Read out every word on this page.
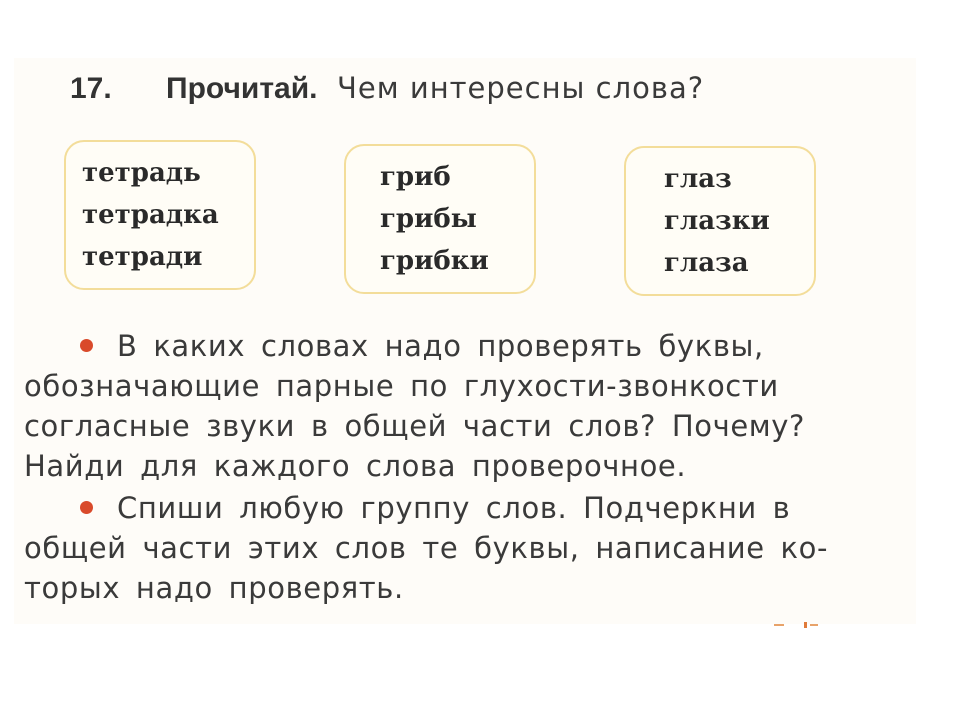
17. Прочитай. Чем интересны слова?
тетрадь
тетрадка
тетради
гриб
грибы
грибки
глаз
глазки
глаза
В каких словах надо проверять буквы,
обозначающие парные по глухости-звонкости
согласные звуки в общей части слов? Почему?
Найди для каждого слова проверочное.
Спиши любую группу слов. Подчеркни в
общей части этих слов те буквы, написание ко-
торых надо проверять.
